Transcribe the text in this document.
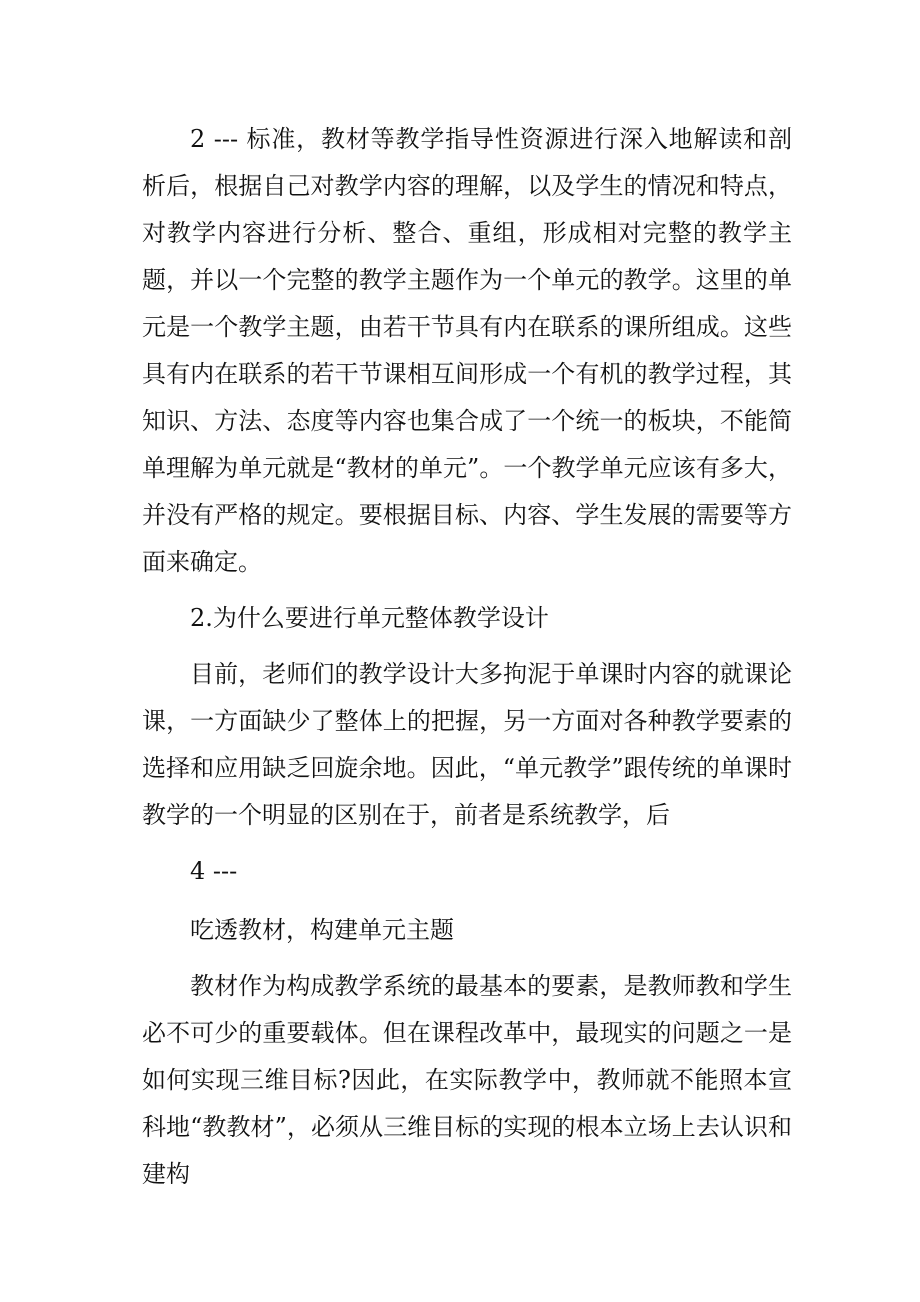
2 --- 标准，教材等教学指导性资源进行深入地解读和剖析后，根据自己对教学内容的理解，以及学生的情况和特点，对教学内容进行分析、整合、重组，形成相对完整的教学主题，并以一个完整的教学主题作为一个单元的教学。这里的单元是一个教学主题，由若干节具有内在联系的课所组成。这些具有内在联系的若干节课相互间形成一个有机的教学过程，其知识、方法、态度等内容也集合成了一个统一的板块，不能简单理解为单元就是“教材的单元”。一个教学单元应该有多大，并没有严格的规定。要根据目标、内容、学生发展的需要等方面来确定。

2.为什么要进行单元整体教学设计

目前，老师们的教学设计大多拘泥于单课时内容的就课论课，一方面缺少了整体上的把握，另一方面对各种教学要素的选择和应用缺乏回旋余地。因此，“单元教学”跟传统的单课时教学的一个明显的区别在于，前者是系统教学，后

4 ---

吃透教材，构建单元主题

教材作为构成教学系统的最基本的要素，是教师教和学生必不可少的重要载体。但在课程改革中，最现实的问题之一是如何实现三维目标?因此，在实际教学中，教师就不能照本宣科地“教教材”，必须从三维目标的实现的根本立场上去认识和建构
